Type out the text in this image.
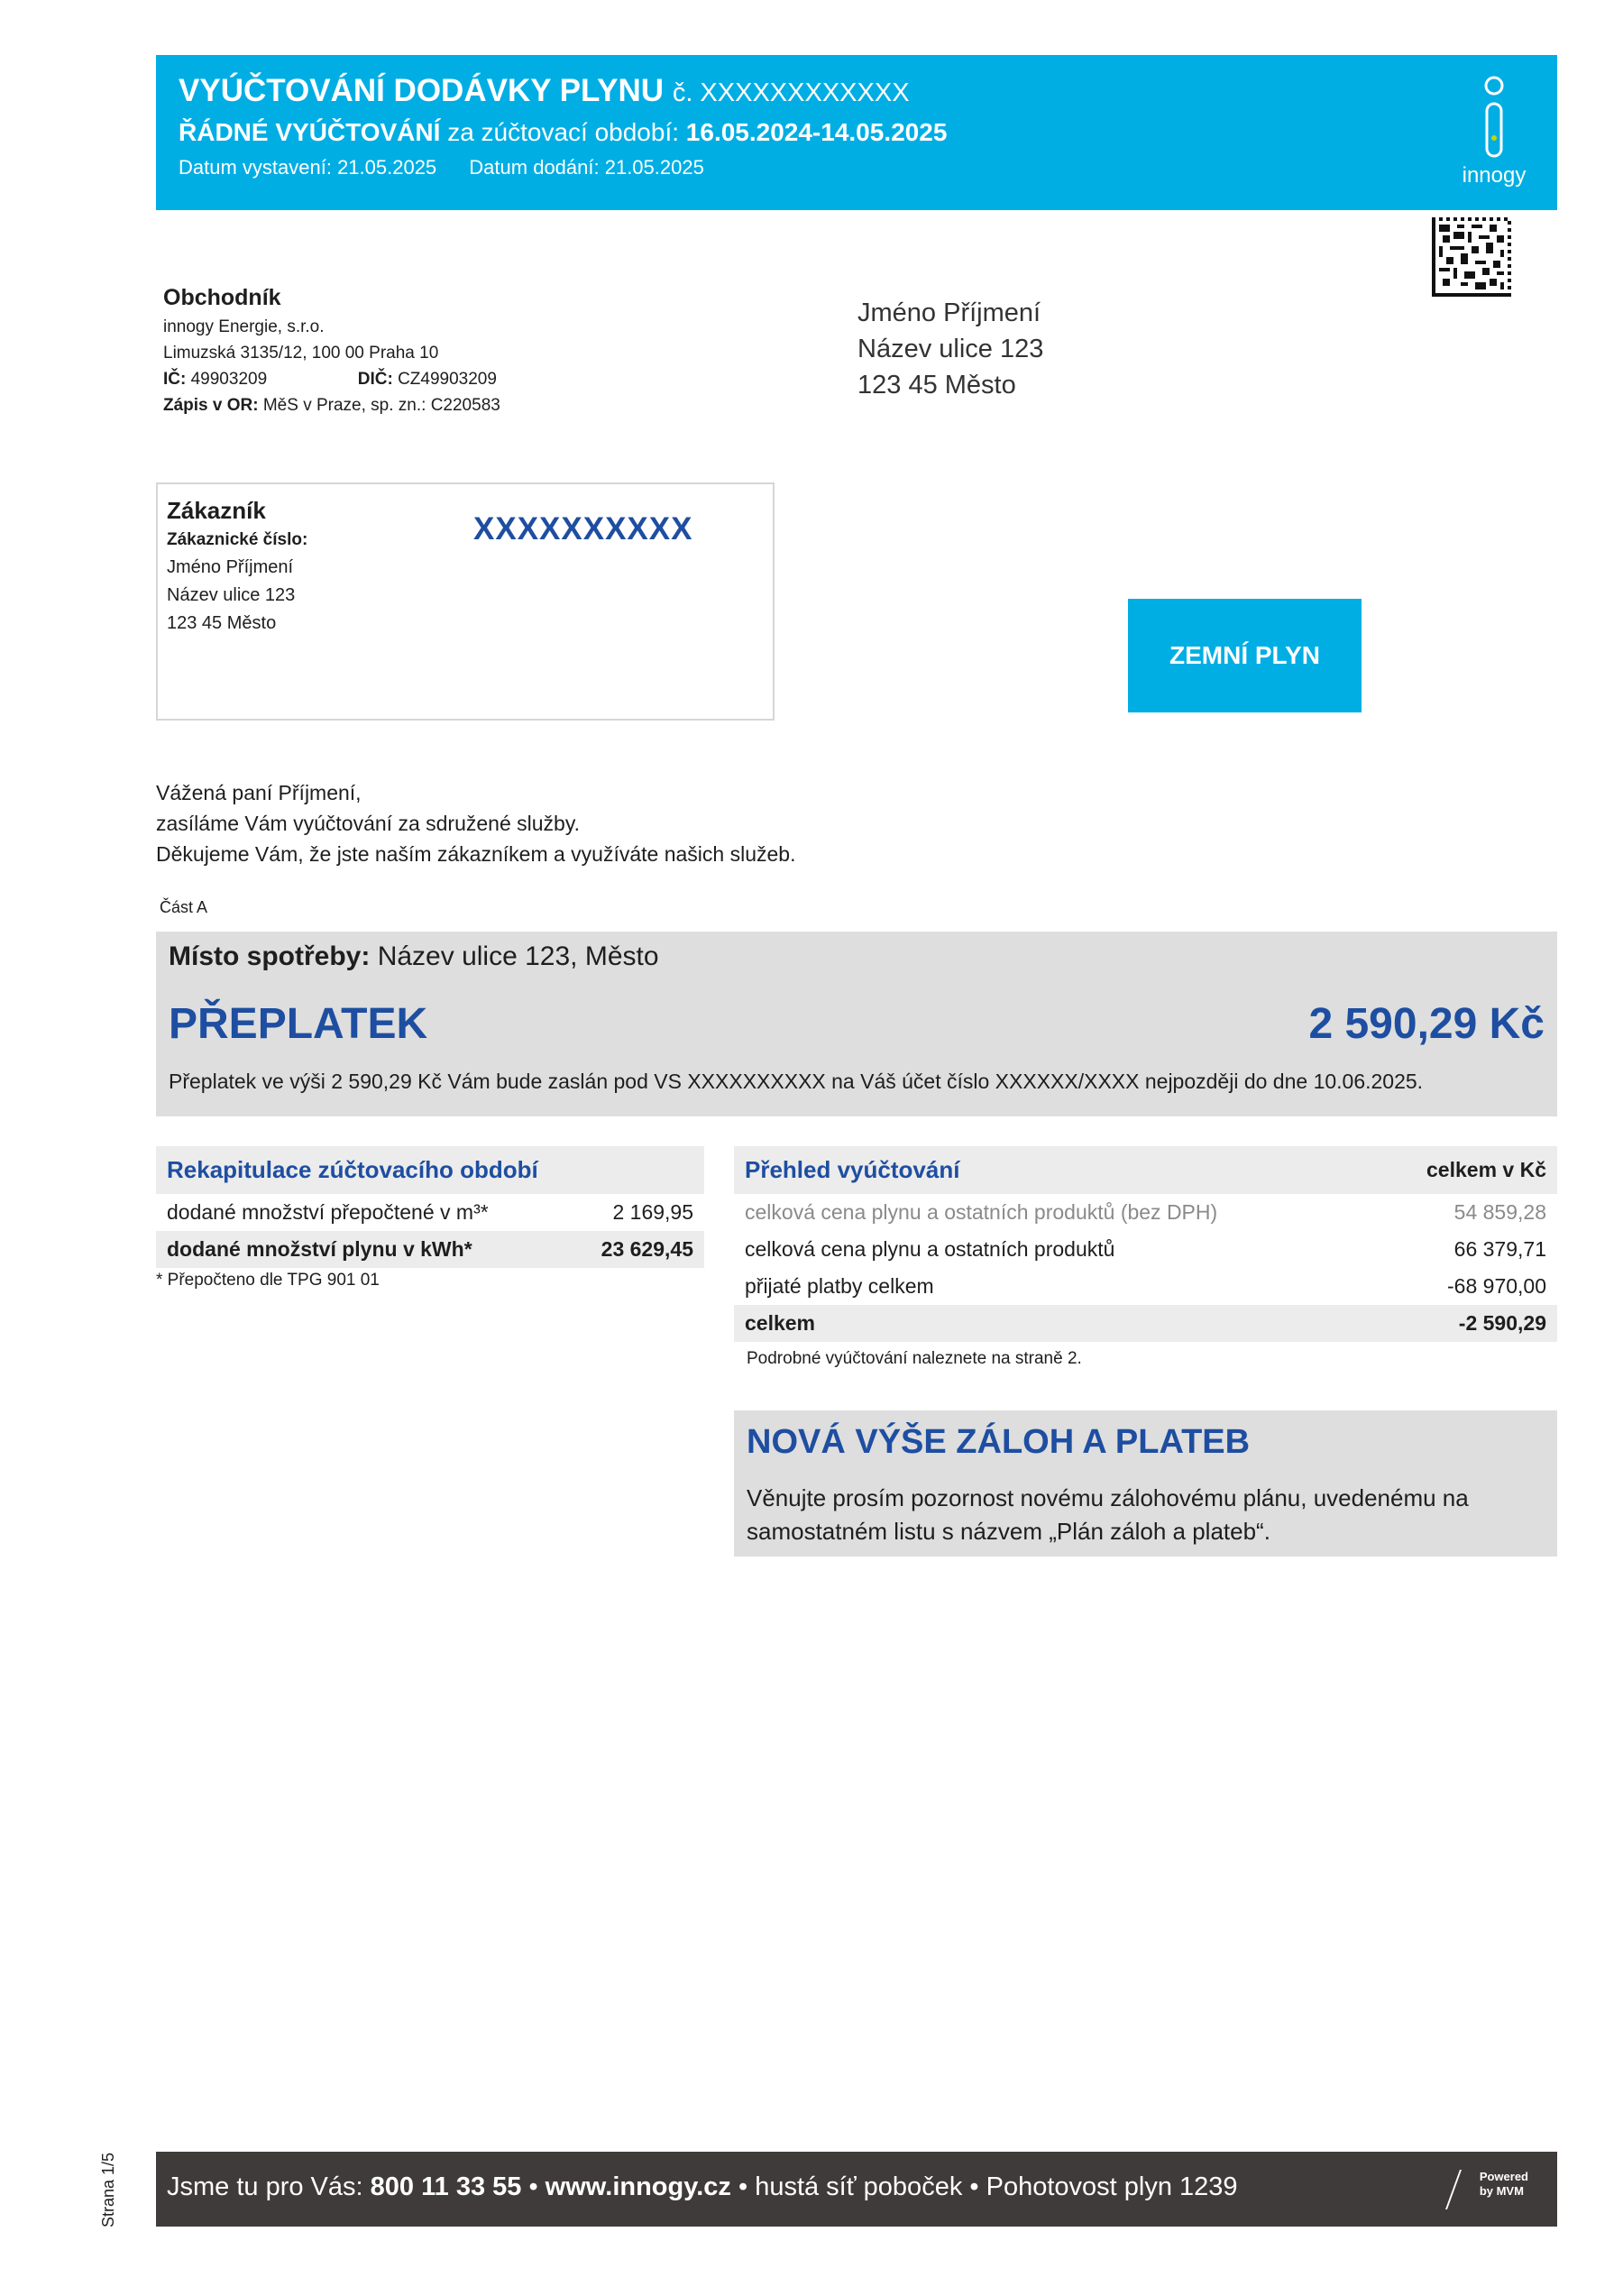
VYÚČTOVÁNÍ DODÁVKY PLYNU č. XXXXXXXXXXXX
ŘÁDNÉ VYÚČTOVÁNÍ za zúčtovací období: 16.05.2024-14.05.2025
Datum vystavení: 21.05.2025 Datum dodání: 21.05.2025	innogy
Obchodník
innogy Energie, s.r.o.
Limuzská 3135/12, 100 00 Praha 10
IČ: 49903209	DIČ: CZ49903209
Zápis v OR: MěS v Praze, sp. zn.: C220583
Jméno Příjmení
Název ulice 123
123 45 Město
Zákazník
Zákaznické číslo:
Jméno Příjmení
Název ulice 123
123 45 Město
XXXXXXXXXX
ZEMNÍ PLYN
Vážená paní Příjmení,
zasíláme Vám vyúčtování za sdružené služby.
Děkujeme Vám, že jste naším zákazníkem a využíváte našich služeb.
Část A
Místo spotřeby: Název ulice 123, Město
PŘEPLATEK	2 590,29 Kč
Přeplatek ve výši 2 590,29 Kč Vám bude zaslán pod VS XXXXXXXXXX na Váš účet číslo XXXXXX/XXXX nejpozději do dne 10.06.2025.
Rekapitulace zúčtovacího období
dodané množství přepočtené v m³*	2 169,95
dodané množství plynu v kWh*	23 629,45
* Přepočteno dle TPG 901 01
Přehled vyúčtování	celkem v Kč
celková cena plynu a ostatních produktů (bez DPH)	54 859,28
celková cena plynu a ostatních produktů	66 379,71
přijaté platby celkem	-68 970,00
celkem	-2 590,29
Podrobné vyúčtování naleznete na straně 2.
NOVÁ VÝŠE ZÁLOH A PLATEB
Věnujte prosím pozornost novému zálohovému plánu, uvedenému na samostatném listu s názvem „Plán záloh a plateb“.
Jsme tu pro Vás: 800 11 33 55 • www.innogy.cz • hustá síť poboček • Pohotovost plyn 1239	Powered
by MVM
Strana 1/5
